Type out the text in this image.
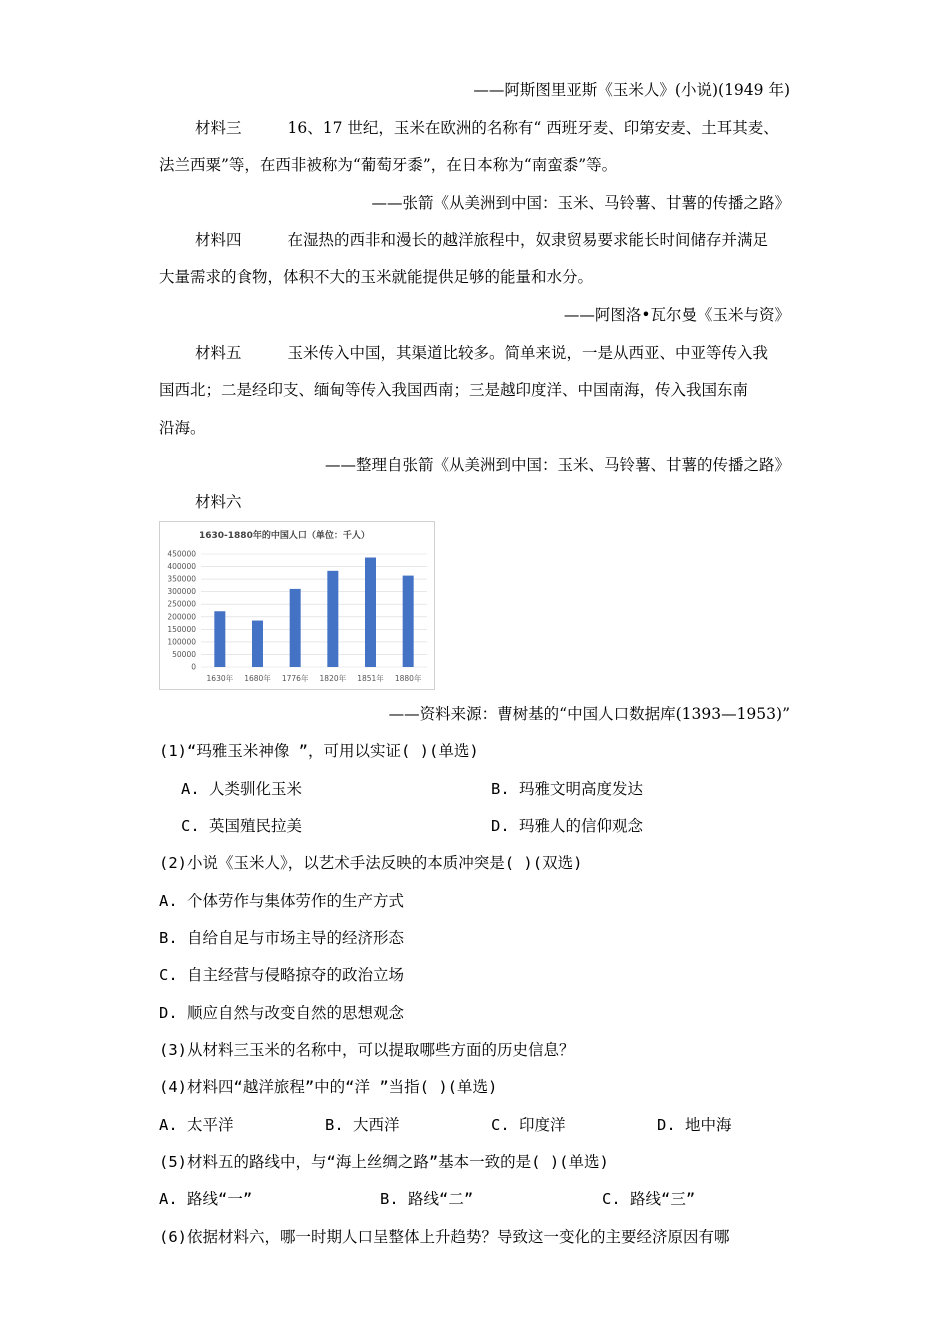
——阿斯图里亚斯《玉米人》(小说)(1949 年)
材料三	16、17 世纪，玉米在欧洲的名称有“ 西班牙麦、印第安麦、土耳其麦、
法兰西粟”等，在西非被称为“葡萄牙黍”，在日本称为“南蛮黍”等。
——张箭《从美洲到中国：玉米、马铃薯、甘薯的传播之路》
材料四	在湿热的西非和漫长的越洋旅程中，奴隶贸易要求能长时间储存并满足
大量需求的食物，体积不大的玉米就能提供足够的能量和水分。
——阿图洛•瓦尔曼《玉米与资》
材料五	玉米传入中国，其渠道比较多。简单来说，一是从西亚、中亚等传入我
国西北；二是经印支、缅甸等传入我国西南；三是越印度洋、中国南海，传入我国东南
沿海。
——整理自张箭《从美洲到中国：玉米、马铃薯、甘薯的传播之路》
材料六
1630-1880年的中国人口（单位：千人）
450000
400000
350000
300000
250000
200000
150000
100000
50000
0
1630年 1680年 1776年 1820年 1851年 1880年
——资料来源：曹树基的“中国人口数据库(1393—1953)”
(1)“玛雅玉米神像 ”，可用以实证( )(单选)
A. 人类驯化玉米	B. 玛雅文明高度发达
C. 英国殖民拉美	D. 玛雅人的信仰观念
(2)小说《玉米人》，以艺术手法反映的本质冲突是( )(双选)
A. 个体劳作与集体劳作的生产方式
B. 自给自足与市场主导的经济形态
C. 自主经营与侵略掠夺的政治立场
D. 顺应自然与改变自然的思想观念
(3)从材料三玉米的名称中，可以提取哪些方面的历史信息？
(4)材料四“越洋旅程”中的“洋 ”当指( )(单选)
A. 太平洋	B. 大西洋	C. 印度洋	D. 地中海
(5)材料五的路线中，与“海上丝绸之路”基本一致的是( )(单选)
A. 路线“一”	B. 路线“二”	C. 路线“三”
(6)依据材料六，哪一时期人口呈整体上升趋势？导致这一变化的主要经济原因有哪
